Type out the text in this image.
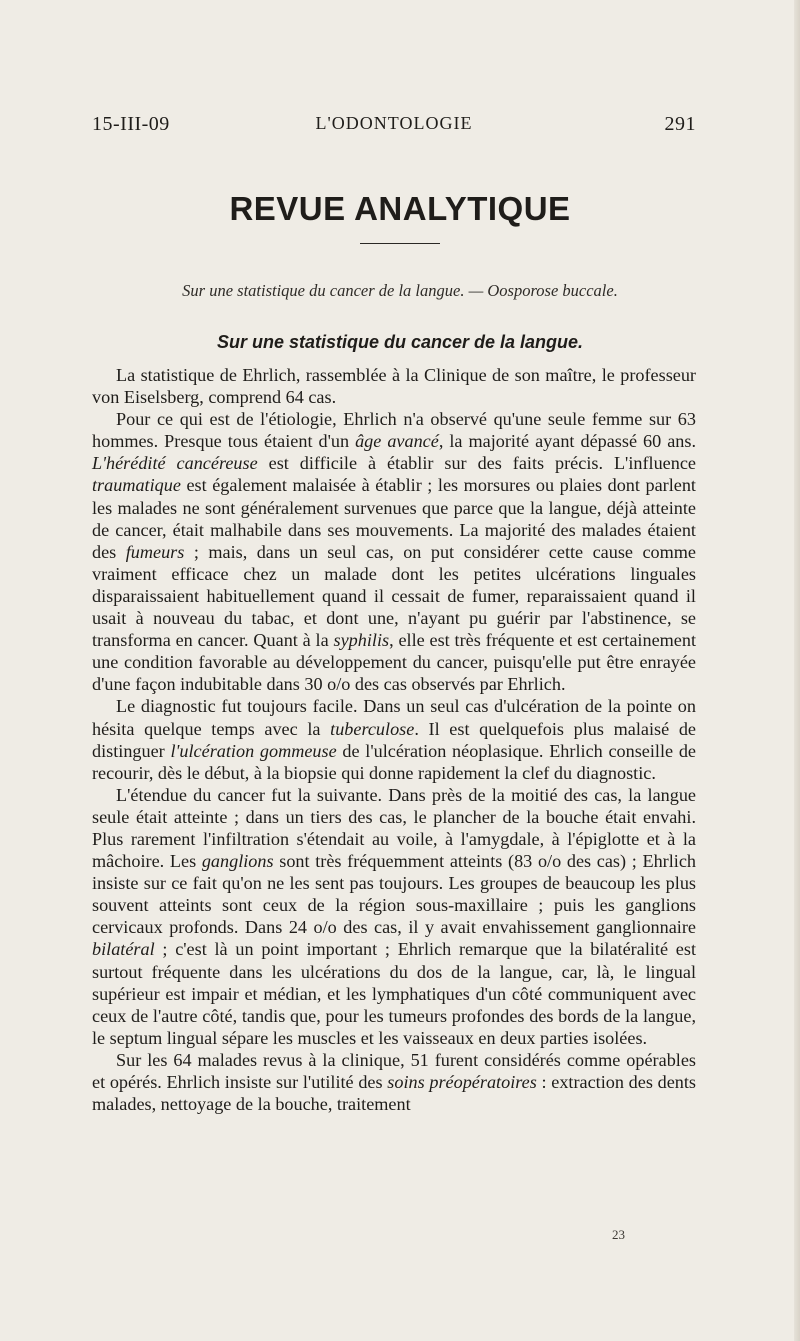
15-III-09	L'ODONTOLOGIE	291
REVUE ANALYTIQUE
Sur une statistique du cancer de la langue. — Oosporose buccale.
Sur une statistique du cancer de la langue.

La statistique de Ehrlich, rassemblée à la Clinique de son maître, le professeur von Eiselsberg, comprend 64 cas.

Pour ce qui est de l'étiologie, Ehrlich n'a observé qu'une seule femme sur 63 hommes. Presque tous étaient d'un âge avancé, la majorité ayant dépassé 60 ans. L'hérédité cancéreuse est difficile à établir sur des faits précis. L'influence traumatique est également malaisée à établir ; les morsures ou plaies dont parlent les malades ne sont généralement survenues que parce que la langue, déjà atteinte de cancer, était malhabile dans ses mouvements. La majorité des malades étaient des fumeurs ; mais, dans un seul cas, on put considérer cette cause comme vraiment efficace chez un malade dont les petites ulcérations linguales disparaissaient habituellement quand il cessait de fumer, reparaissaient quand il usait à nouveau du tabac, et dont une, n'ayant pu guérir par l'abstinence, se transforma en cancer. Quant à la syphilis, elle est très fréquente et est certainement une condition favorable au développement du cancer, puisqu'elle put être enrayée d'une façon indubitable dans 30 o/o des cas observés par Ehrlich.

Le diagnostic fut toujours facile. Dans un seul cas d'ulcération de la pointe on hésita quelque temps avec la tuberculose. Il est quelquefois plus malaisé de distinguer l'ulcération gommeuse de l'ulcération néoplasique. Ehrlich conseille de recourir, dès le début, à la biopsie qui donne rapidement la clef du diagnostic.

L'étendue du cancer fut la suivante. Dans près de la moitié des cas, la langue seule était atteinte ; dans un tiers des cas, le plancher de la bouche était envahi. Plus rarement l'infiltration s'étendait au voile, à l'amygdale, à l'épiglotte et à la mâchoire. Les ganglions sont très fréquemment atteints (83 o/o des cas) ; Ehrlich insiste sur ce fait qu'on ne les sent pas toujours. Les groupes de beaucoup les plus souvent atteints sont ceux de la région sous-maxillaire ; puis les ganglions cervicaux profonds. Dans 24 o/o des cas, il y avait envahissement ganglionnaire bilatéral ; c'est là un point important ; Ehrlich remarque que la bilatéralité est surtout fréquente dans les ulcérations du dos de la langue, car, là, le lingual supérieur est impair et médian, et les lymphatiques d'un côté communiquent avec ceux de l'autre côté, tandis que, pour les tumeurs profondes des bords de la langue, le septum lingual sépare les muscles et les vaisseaux en deux parties isolées.

Sur les 64 malades revus à la clinique, 51 furent considérés comme opérables et opérés. Ehrlich insiste sur l'utilité des soins préopératoires : extraction des dents malades, nettoyage de la bouche, traitement

23
